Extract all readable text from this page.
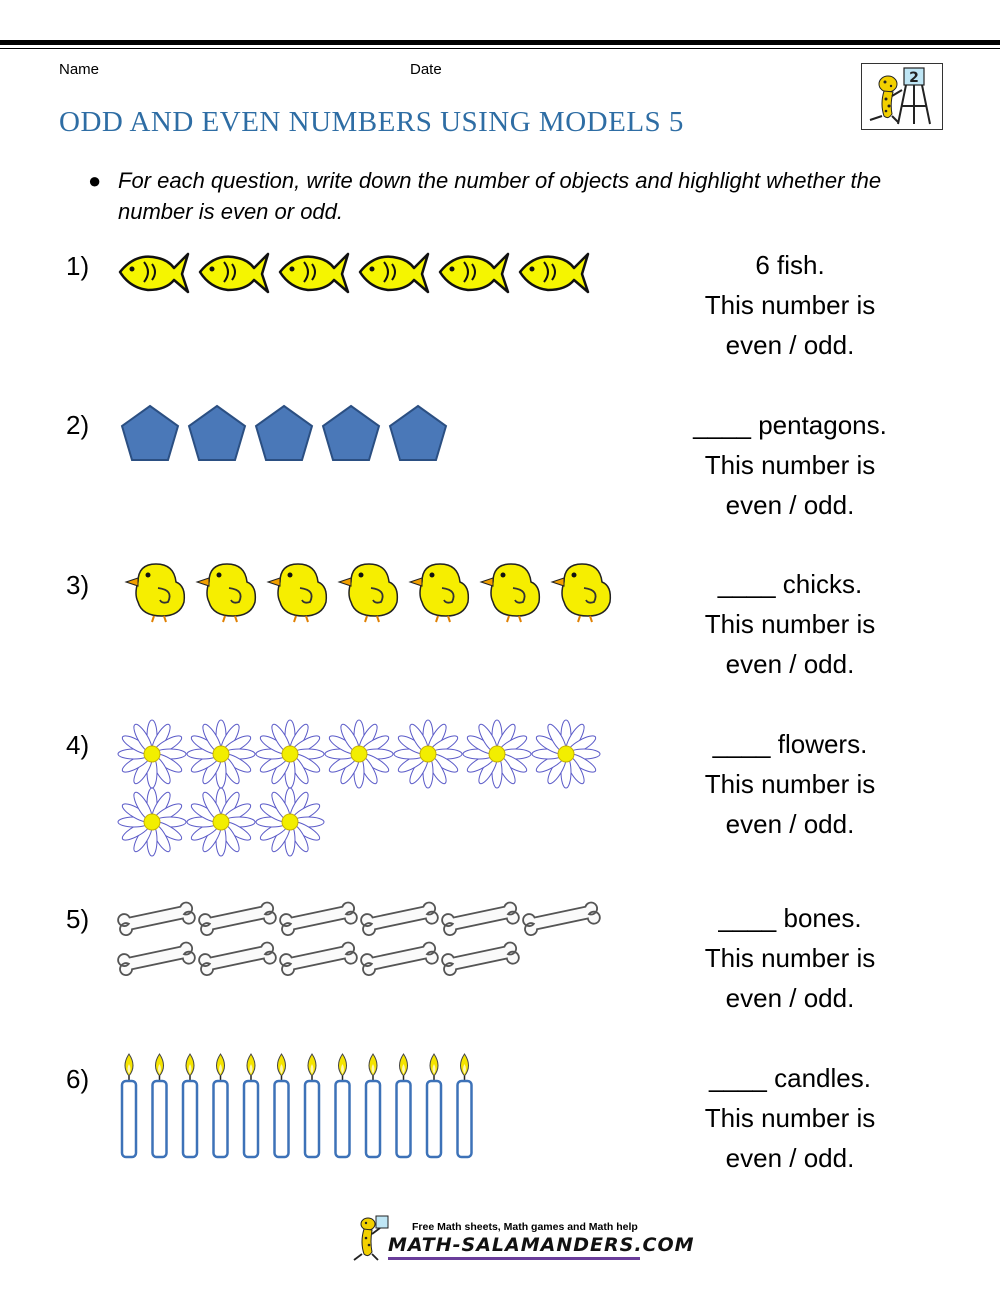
Name	Date	2
ODD AND EVEN NUMBERS USING MODELS 5
● For each question, write down the number of objects and highlight whether the number is even or odd.
1)	6 fish.
This number is
even / odd.
2)	____ pentagons.
This number is
even / odd.
3)	____ chicks.
This number is
even / odd.
4)	____ flowers.
This number is
even / odd.
5)	____ bones.
This number is
even / odd.
6)	____ candles.
This number is
even / odd.
Free Math sheets, Math games and Math help
MATH-SALAMANDERS.COM
